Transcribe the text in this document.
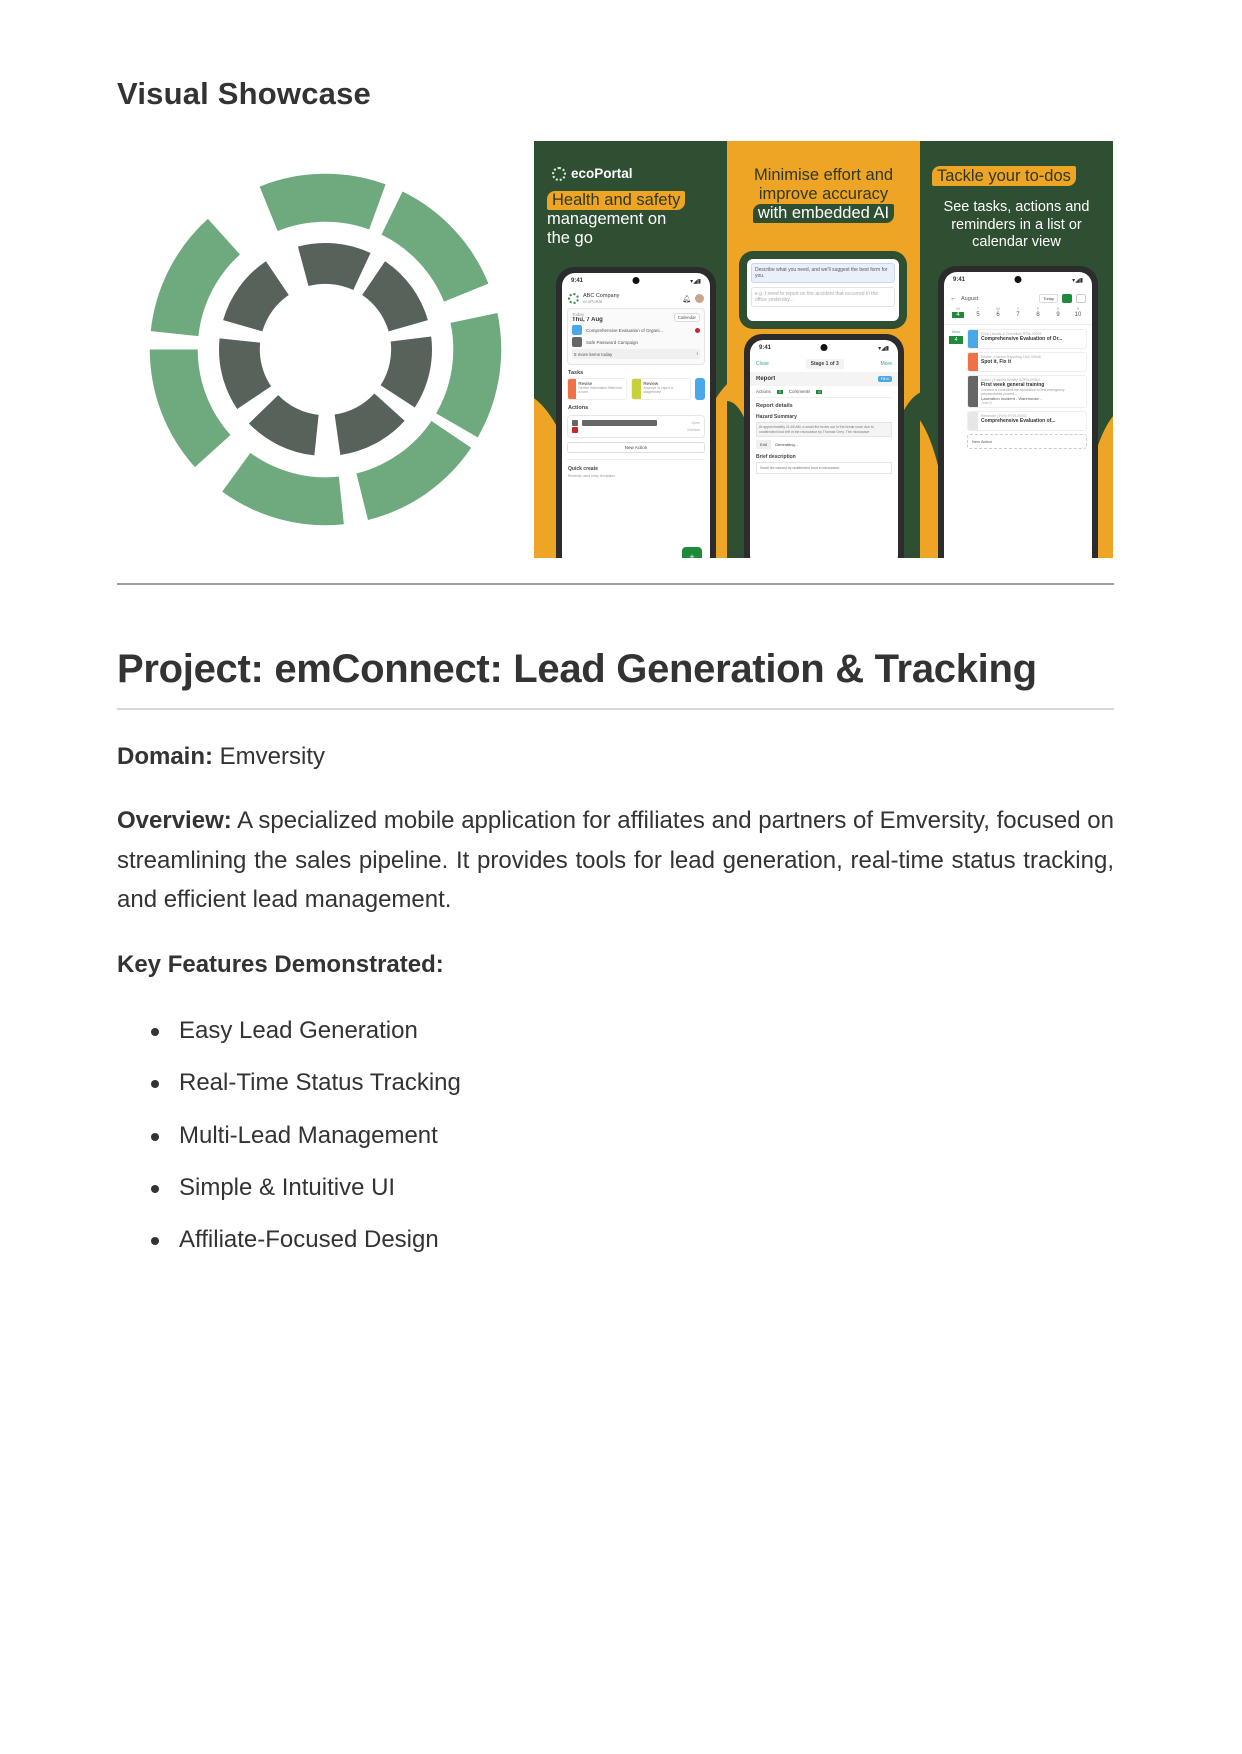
Visual Showcase
ecoPortal
Health and safety
management on
the go
9:41	▾◢▮
ABC Company
ecoPortal	🔔︎
Today
Thu, 7 Aug	Calendar
Comprehensive Evaluation of Organi...
Safe Password Campaign
5 more items today	›
Tasks
Revise
Revise information filled into a form
Review
Approve or reject a stage/entry
Actions
Open
Overdue
New Action
Quick create
Recently used entry templates
+
Minimise effort and
improve accuracy
with embedded AI
Describe what you need, and we'll suggest the best form for you.
e.g. I need to report on fire accident that occurred in the office yesterday...
9:41	▾◢▮
Close	Stage 1 of 3	More
Report	Fill in
Actions	0	Comments	0
Report details
Hazard Summary
At approximately 11:45 AM, a small fire broke out in the break room due to unattended food left in the microwave by Thomas Grey. The microwave
Edit	Generating...
Brief description
Small fire caused by unattended food in microwave.
Tackle your to-dos
See tasks, actions and
reminders in a list or
calendar view
9:41	▾◢▮
← August	Today
M	T	W	T	F	S	S
4	5	6	7	8	9	10
Mon
4
Fill in | Audits & Checklists RTW-00002
Comprehensive Evaluation of Or...
Revise | Hazard Reporting HAZ-00546
Spot it, Fix it
Action | Training Activity SOPN-00314
First week general training
Conduct a controlled fire simulation to test emergency preparedness proced...
Laceration Incident - Warehouse...
John D.
Reminder | Fill in RTW-00002
Comprehensive Evaluation of...
New Action
Project: emConnect: Lead Generation & Tracking

Domain: Emversity

Overview: A specialized mobile application for affiliates and partners of Emversity, focused on streamlining the sales pipeline. It provides tools for lead generation, real-time status tracking, and efficient lead management.

Key Features Demonstrated:

Easy Lead Generation
Real-Time Status Tracking
Multi-Lead Management
Simple & Intuitive UI
Affiliate-Focused Design
